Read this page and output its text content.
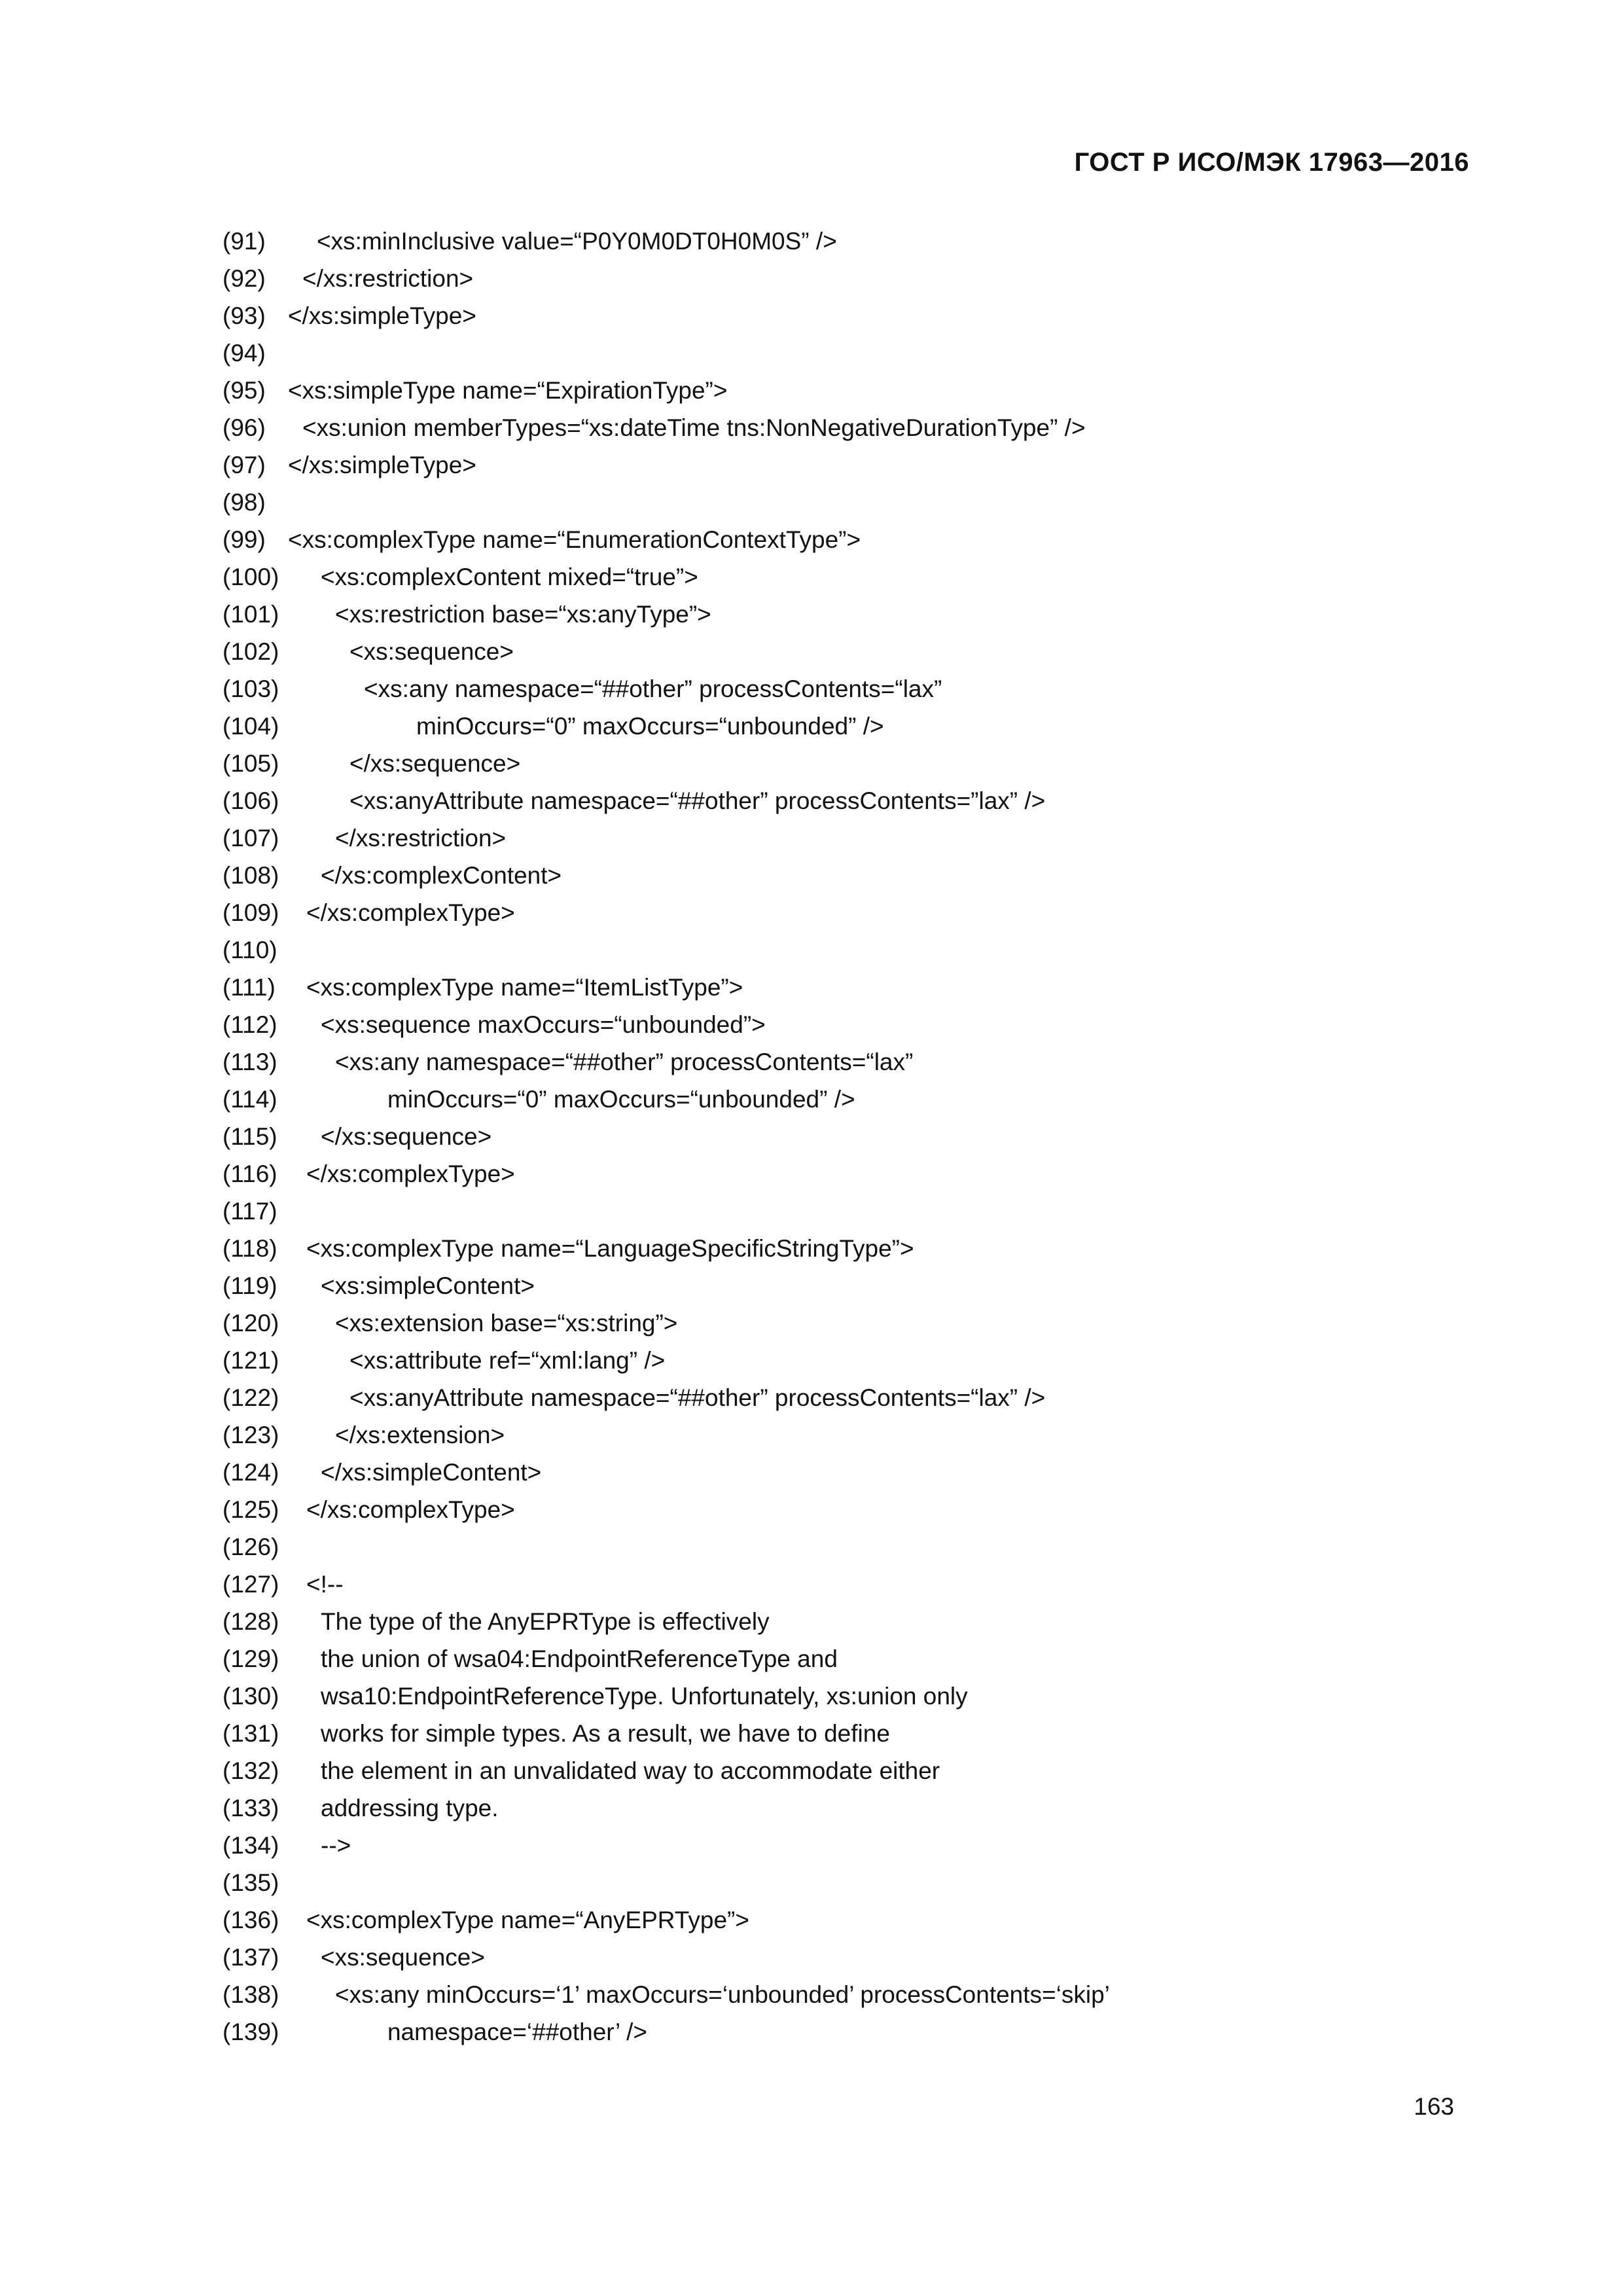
ГОСТ Р ИСО/МЭК 17963—2016
(91) <xs:minInclusive value=“P0Y0M0DT0H0M0S” />
(92) </xs:restriction>
(93) </xs:simpleType>
(94)
(95) <xs:simpleType name=“ExpirationType”>
(96) <xs:union memberTypes=“xs:dateTime tns:NonNegativeDurationType” />
(97) </xs:simpleType>
(98)
(99) <xs:complexType name=“EnumerationContextType”>
(100) <xs:complexContent mixed=“true”>
(101) <xs:restriction base=“xs:anyType”>
(102)	<xs:sequence>
(103)	<xs:any namespace=“##other” processContents=“lax”
(104)	minOccurs=“0” maxOccurs=“unbounded” />
(105)	</xs:sequence>
(106)	<xs:anyAttribute namespace=“##other” processContents=”lax” />
(107) </xs:restriction>
(108) </xs:complexContent>
(109) </xs:complexType>
(110)
(111) <xs:complexType name=“ItemListType”>
(112) <xs:sequence maxOccurs=“unbounded”>
(113) <xs:any namespace=“##other” processContents=“lax”
(114)	minOccurs=“0” maxOccurs=“unbounded” />
(115) </xs:sequence>
(116) </xs:complexType>
(117)
(118) <xs:complexType name=“LanguageSpecificStringType”>
(119) <xs:simpleContent>
(120) <xs:extension base=“xs:string”>
(121)	<xs:attribute ref=“xml:lang” />
(122)	<xs:anyAttribute namespace=“##other” processContents=“lax” />
(123) </xs:extension>
(124) </xs:simpleContent>
(125) </xs:complexType>
(126)
(127) <!--
(128) The type of the AnyEPRType is effectively
(129) the union of wsa04:EndpointReferenceType and
(130) wsa10:EndpointReferenceType. Unfortunately, xs:union only
(131) works for simple types. As a result, we have to define
(132) the element in an unvalidated way to accommodate either
(133) addressing type.
(134) -->
(135)
(136) <xs:complexType name=“AnyEPRType”>
(137) <xs:sequence>
(138) <xs:any minOccurs=‘1’ maxOccurs=‘unbounded’ processContents=‘skip’
(139)	namespace=‘##other’ />
163
